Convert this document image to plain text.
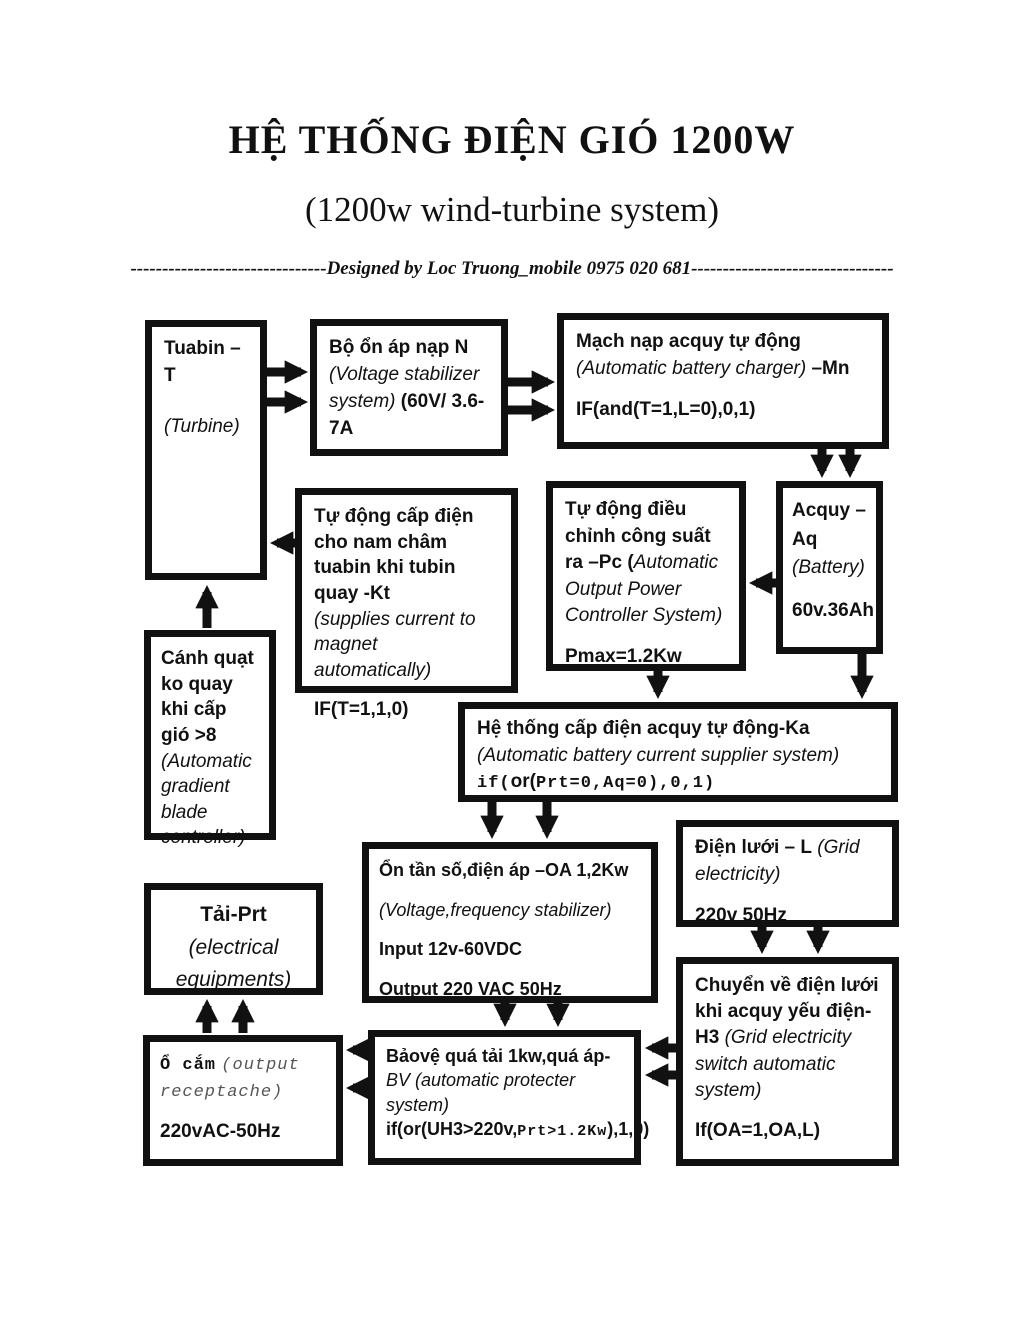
HỆ THỐNG ĐIỆN GIÓ 1200W
(1200w wind-turbine system)
-------------------------------Designed by Loc Truong_mobile 0975 020 681--------------------------------

Tuabin –T

(Turbine)

Bộ ổn áp nạp N

(Voltage stabilizer system) (60V/ 3.6-7A

Mạch nạp acquy tự động

(Automatic battery charger) –Mn

IF(and(T=1,L=0),0,1)

Tự động cấp điện cho nam châm tuabin khi tubin quay -Kt

(supplies current to magnet automatically)

IF(T=1,1,0)

Tự động điều chỉnh công suất ra –Pc (Automatic Output Power Controller System)

Pmax=1.2Kw

Acquy – Aq

(Battery)

60v.36Ah

Cánh quạt ko quay khi cấp gió >8

(Automatic gradient blade controller)

Hệ thống cấp điện acquy tự động-Ka

(Automatic battery current supplier system)

if(or(Prt=0,Aq=0),0,1)

Ổn tần số,điện áp –OA 1,2Kw

(Voltage,frequency stabilizer)

Input 12v-60VDC

Output 220 VAC 50Hz

Điện lưới – L (Grid electricity)

220v 50Hz

Chuyển về điện lưới khi acquy yếu điện-H3 (Grid electricity switch automatic system)

If(OA=1,OA,L)

Tải-Prt

(electrical equipments)

Ổ cắm (output receptache)

220vAC-50Hz

Bảovệ quá tải 1kw,quá áp-BV (automatic protecter system)

if(or(UH3>220v,Prt>1.2Kw),1,0)
